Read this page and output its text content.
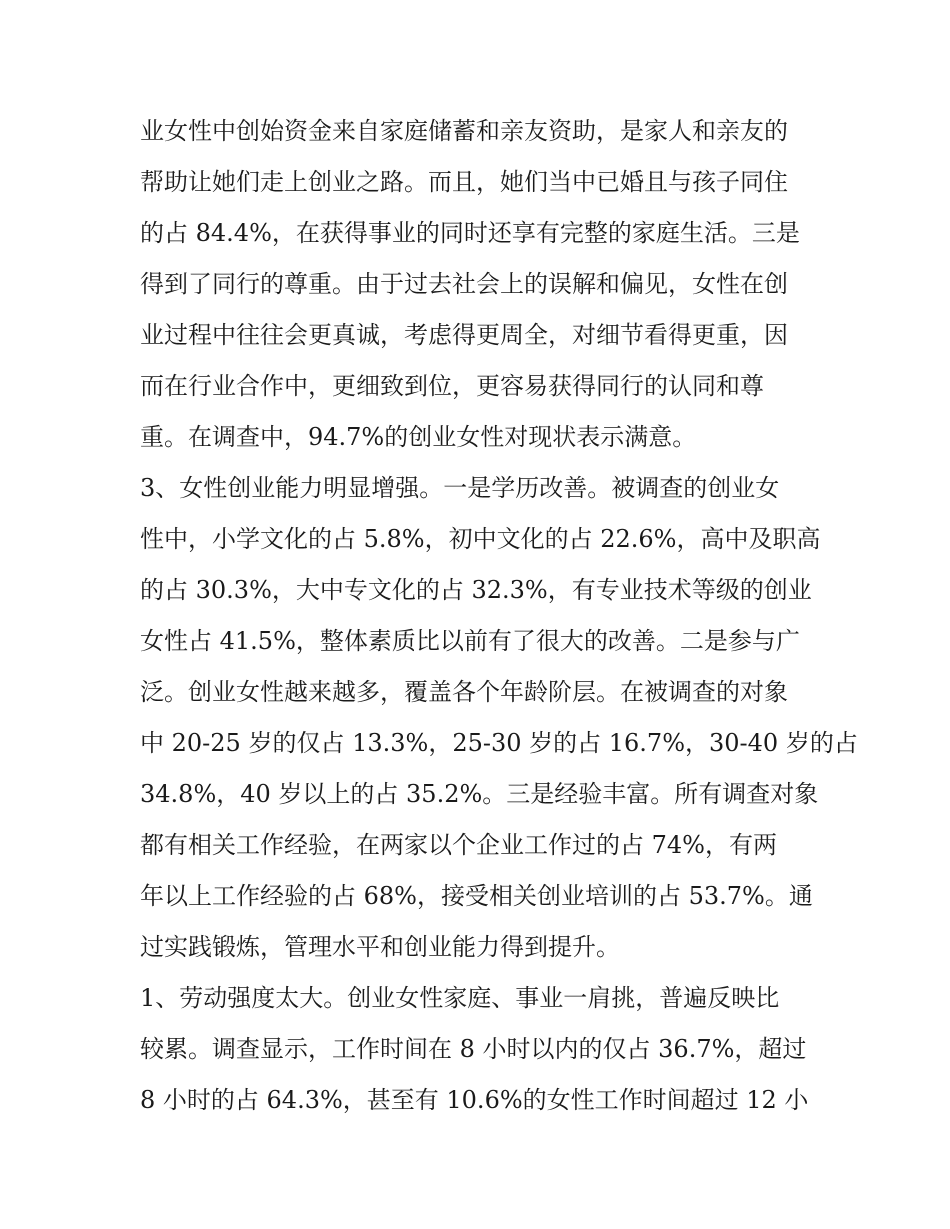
业女性中创始资金来自家庭储蓄和亲友资助，是家人和亲友的
帮助让她们走上创业之路。而且，她们当中已婚且与孩子同住
的占 84.4%，在获得事业的同时还享有完整的家庭生活。三是
得到了同行的尊重。由于过去社会上的误解和偏见，女性在创
业过程中往往会更真诚，考虑得更周全，对细节看得更重，因
而在行业合作中，更细致到位，更容易获得同行的认同和尊
重。在调查中，94.7%的创业女性对现状表示满意。
3、女性创业能力明显增强。一是学历改善。被调查的创业女
性中，小学文化的占 5.8%，初中文化的占 22.6%，高中及职高
的占 30.3%，大中专文化的占 32.3%，有专业技术等级的创业
女性占 41.5%，整体素质比以前有了很大的改善。二是参与广
泛。创业女性越来越多，覆盖各个年龄阶层。在被调查的对象
中 20-25 岁的仅占 13.3%，25-30 岁的占 16.7%，30-40 岁的占
34.8%，40 岁以上的占 35.2%。三是经验丰富。所有调查对象
都有相关工作经验，在两家以个企业工作过的占 74%，有两
年以上工作经验的占 68%，接受相关创业培训的占 53.7%。通
过实践锻炼，管理水平和创业能力得到提升。
1、劳动强度太大。创业女性家庭、事业一肩挑，普遍反映比
较累。调查显示，工作时间在 8 小时以内的仅占 36.7%，超过
8 小时的占 64.3%，甚至有 10.6%的女性工作时间超过 12 小
